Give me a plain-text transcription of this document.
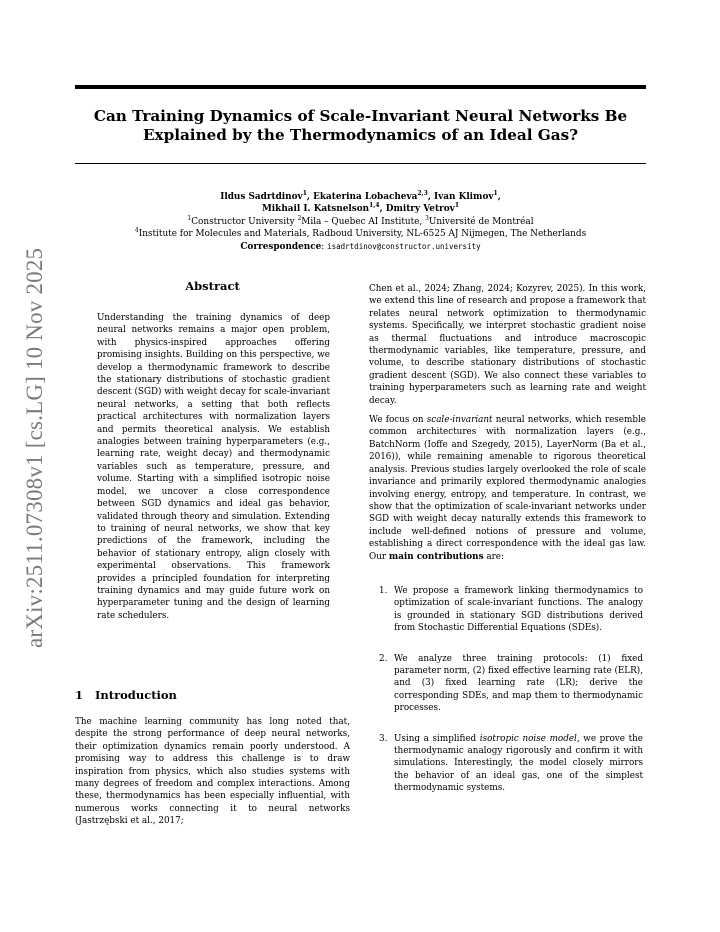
Can Training Dynamics of Scale-Invariant Neural Networks Be
Explained by the Thermodynamics of an Ideal Gas?
Ildus Sadrtdinov$^1$, Ekaterina Lobacheva$^{2,3}$, Ivan Klimov$^1$,
Mikhail I. Katsnelson$^{1,4}$, Dmitry Vetrov$^1$
$^1$Constructor University $^2$Mila – Quebec AI Institute, $^3$Université de Montréal
$^4$Institute for Molecules and Materials, Radboud University, NL-6525 AJ Nijmegen, The Netherlands
Correspondence: isadrtdinov@constructor.university
arXiv:2511.07308v1 [cs.LG] 10 Nov 2025	Abstract
Understanding the training dynamics of deep neural networks remains a major open problem, with physics-inspired approaches offering promising insights. Building on this perspective, we develop a thermodynamic framework to describe the stationary distributions of stochastic gradient descent (SGD) with weight decay for scale-invariant neural networks, a setting that both reflects practical architectures with normalization layers and permits theoretical analysis. We establish analogies between training hyperparameters (e.g., learning rate, weight decay) and thermodynamic variables such as temperature, pressure, and volume. Starting with a simplified isotropic noise model, we uncover a close correspondence between SGD dynamics and ideal gas behavior, validated through theory and simulation. Extending to training of neural networks, we show that key predictions of the framework, including the behavior of stationary entropy, align closely with experimental observations. This framework provides a principled foundation for interpreting training dynamics and may guide future work on hyperparameter tuning and the design of learning rate schedulers.
1 Introduction
The machine learning community has long noted that, despite the strong performance of deep neural networks, their optimization dynamics remain poorly understood. A promising way to address this challenge is to draw inspiration from physics, which also studies systems with many degrees of freedom and complex interactions. Among these, thermodynamics has been especially influential, with numerous works connecting it to neural networks (Jastrzębski et al., 2017;

Chen et al., 2024; Zhang, 2024; Kozyrev, 2025). In this work, we extend this line of research and propose a framework that relates neural network optimization to thermodynamic systems. Specifically, we interpret stochastic gradient noise as thermal fluctuations and introduce macroscopic thermodynamic variables, like temperature, pressure, and volume, to describe stationary distributions of stochastic gradient descent (SGD). We also connect these variables to training hyperparameters such as learning rate and weight decay.

We focus on scale-invariant neural networks, which resemble common architectures with normalization layers (e.g., BatchNorm (Ioffe and Szegedy, 2015), LayerNorm (Ba et al., 2016)), while remaining amenable to rigorous theoretical analysis. Previous studies largely overlooked the role of scale invariance and primarily explored thermodynamic analogies involving energy, entropy, and temperature. In contrast, we show that the optimization of scale-invariant networks under SGD with weight decay naturally extends this framework to include well-defined notions of pressure and volume, establishing a direct correspondence with the ideal gas law. Our main contributions are:

1. We propose a framework linking thermodynamics to optimization of scale-invariant functions. The analogy is grounded in stationary SGD distributions derived from Stochastic Differential Equations (SDEs).
2. We analyze three training protocols: (1) fixed parameter norm, (2) fixed effective learning rate (ELR), and (3) fixed learning rate (LR); derive the corresponding SDEs, and map them to thermodynamic processes.
3. Using a simplified isotropic noise model, we prove the thermodynamic analogy rigorously and confirm it with simulations. Interestingly, the model closely mirrors the behavior of an ideal gas, one of the simplest thermodynamic systems.
